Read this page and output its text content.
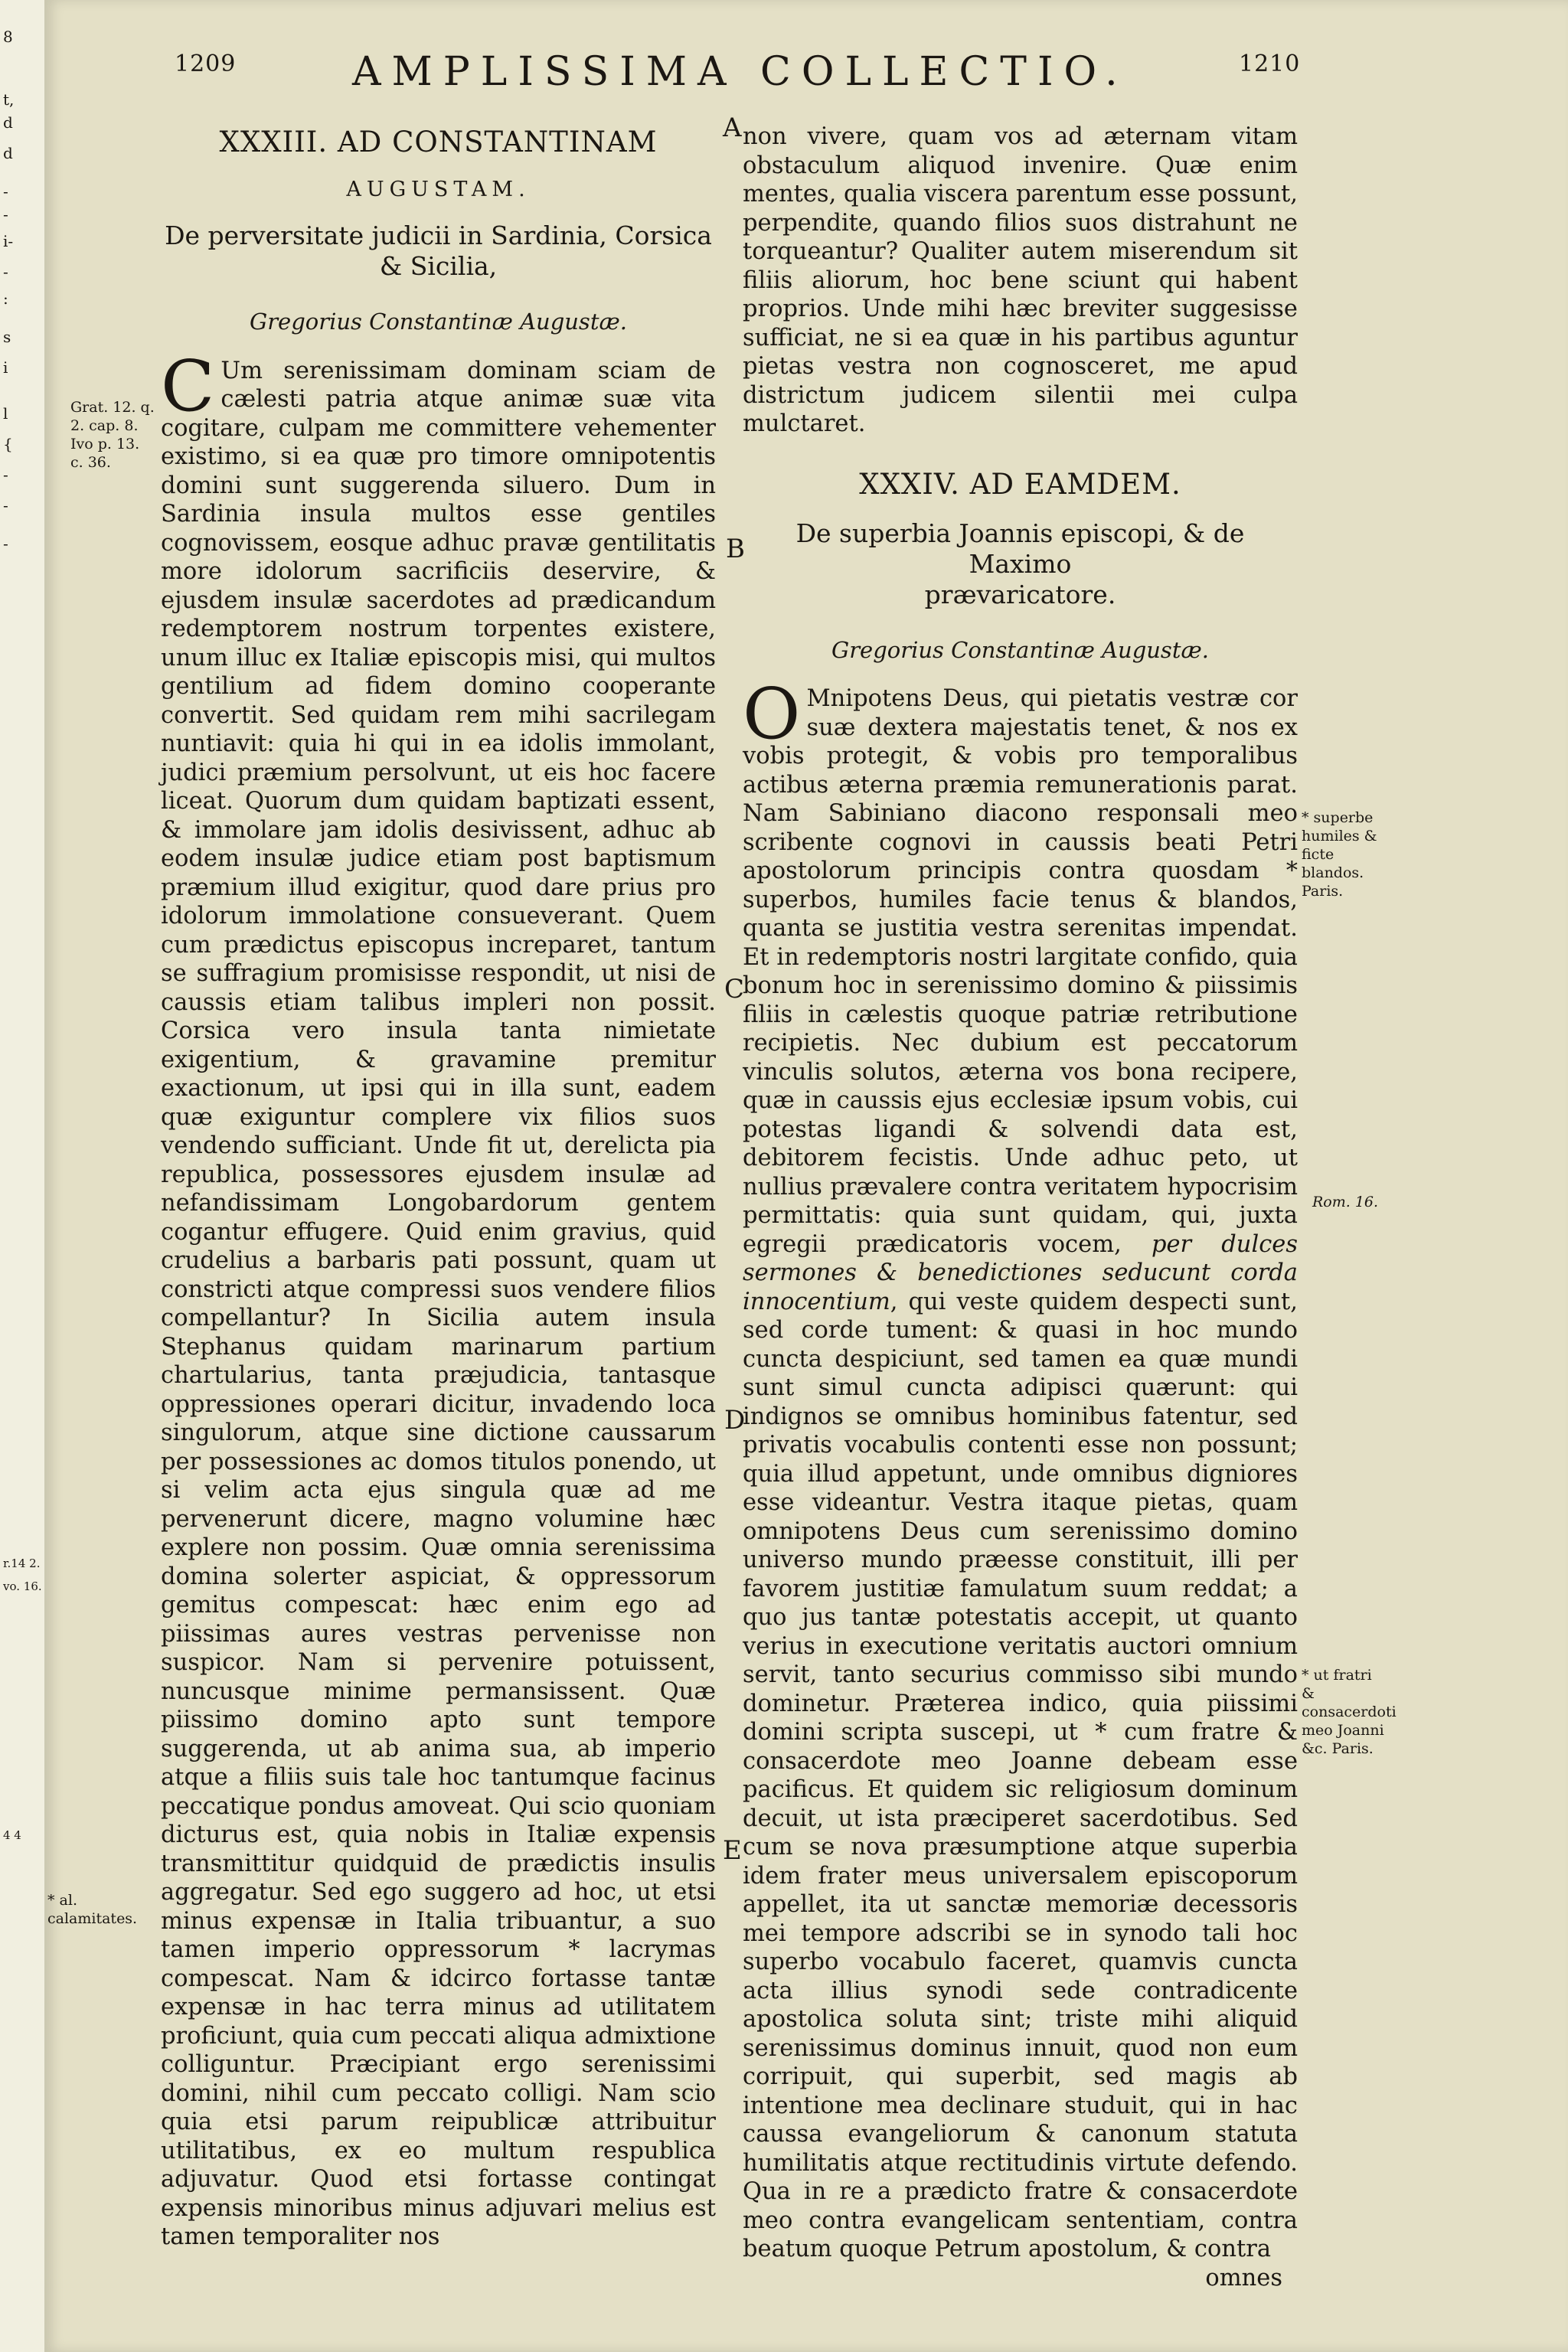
8
t,
d
d
-
-
i-
-
:
s
i
l
{
-
-
-
r.14 2.
vo. 16.
4 4
1209	AMPLISSIMA COLLECTIO.	1210
XXXIII. AD CONSTANTINAM
AUGUSTAM.
De perversitate judicii in Sardinia, Corsica
& Sicilia,
Gregorius Constantinæ Augustæ.

C Um serenissimam dominam sciam de cælesti patria atque animæ suæ vita cogitare, culpam me committere vehementer existimo, si ea quæ pro timore omnipotentis domini sunt suggerenda siluero. Dum in Sardinia insula multos esse gentiles cognovissem, eosque adhuc pravæ gentilitatis more idolorum sacrificiis deservire, & ejusdem insulæ sacerdotes ad prædicandum redemptorem nostrum torpentes existere, unum illuc ex Italiæ episcopis misi, qui multos gentilium ad fidem domino cooperante convertit. Sed quidam rem mihi sacrilegam nuntiavit: quia hi qui in ea idolis immolant, judici præmium persolvunt, ut eis hoc facere liceat. Quorum dum quidam baptizati essent, & immolare jam idolis desivissent, adhuc ab eodem insulæ judice etiam post baptismum præmium illud exigitur, quod dare prius pro idolorum immolatione consueverant. Quem cum prædictus episcopus increparet, tantum se suffragium promisisse respondit, ut nisi de caussis etiam talibus impleri non possit. Corsica vero insula tanta nimietate exigentium, & gravamine premitur exactionum, ut ipsi qui in illa sunt, eadem quæ exiguntur complere vix filios suos vendendo sufficiant. Unde fit ut, derelicta pia republica, possessores ejusdem insulæ ad nefandissimam Longobardorum gentem cogantur effugere. Quid enim gravius, quid crudelius a barbaris pati possunt, quam ut constricti atque compressi suos vendere filios compellantur? In Sicilia autem insula Stephanus quidam marinarum partium chartularius, tanta præjudicia, tantasque oppressiones operari dicitur, invadendo loca singulorum, atque sine dictione caussarum per possessiones ac domos titulos ponendo, ut si velim acta ejus singula quæ ad me pervenerunt dicere, magno volumine hæc explere non possim. Quæ omnia serenissima domina solerter aspiciat, & oppressorum gemitus compescat: hæc enim ego ad piissimas aures vestras pervenisse non suspicor. Nam si pervenire potuissent, nuncusque minime permansissent. Quæ piissimo domino apto sunt tempore suggerenda, ut ab anima sua, ab imperio atque a filiis suis tale hoc tantumque facinus peccatique pondus amoveat. Qui scio quoniam dicturus est, quia nobis in Italiæ expensis transmittitur quidquid de prædictis insulis aggregatur. Sed ego suggero ad hoc, ut etsi minus expensæ in Italia tribuantur, a suo tamen imperio oppressorum * lacrymas compescat. Nam & idcirco fortasse tantæ expensæ in hac terra minus ad utilitatem proficiunt, quia cum peccati aliqua admixtione colliguntur. Præcipiant ergo serenissimi domini, nihil cum peccato colligi. Nam scio quia etsi parum reipublicæ attribuitur utilitatibus, ex eo multum respublica adjuvatur. Quod etsi fortasse contingat expensis minoribus minus adjuvari melius est tamen temporaliter nos

non vivere, quam vos ad æternam vitam obstaculum aliquod invenire. Quæ enim mentes, qualia viscera parentum esse possunt, perpendite, quando filios suos distrahunt ne torqueantur? Qualiter autem miserendum sit filiis aliorum, hoc bene sciunt qui habent proprios. Unde mihi hæc breviter suggesisse sufficiat, ne si ea quæ in his partibus aguntur pietas vestra non cognosceret, me apud districtum judicem silentii mei culpa mulctaret.

XXXIV. AD EAMDEM.
De superbia Joannis episcopi, & de Maximo
prævaricatore.
Gregorius Constantinæ Augustæ.

O Mnipotens Deus, qui pietatis vestræ cor suæ dextera majestatis tenet, & nos ex vobis protegit, & vobis pro temporalibus actibus æterna præmia remunerationis parat. Nam Sabiniano diacono responsali meo scribente cognovi in caussis beati Petri apostolorum principis contra quosdam * superbos, humiles facie tenus & blandos, quanta se justitia vestra serenitas impendat. Et in redemptoris nostri largitate confido, quia bonum hoc in serenissimo domino & piissimis filiis in cælestis quoque patriæ retributione recipietis. Nec dubium est peccatorum vinculis solutos, æterna vos bona recipere, quæ in caussis ejus ecclesiæ ipsum vobis, cui potestas ligandi & solvendi data est, debitorem fecistis. Unde adhuc peto, ut nullius prævalere contra veritatem hypocrisim permittatis: quia sunt quidam, qui, juxta egregii prædicatoris vocem, per dulces sermones & benedictiones seducunt corda innocentium, qui veste quidem despecti sunt, sed corde tument: & quasi in hoc mundo cuncta despiciunt, sed tamen ea quæ mundi sunt simul cuncta adipisci quærunt: qui indignos se omnibus hominibus fatentur, sed privatis vocabulis contenti esse non possunt; quia illud appetunt, unde omnibus digniores esse videantur. Vestra itaque pietas, quam omnipotens Deus cum serenissimo domino universo mundo præesse constituit, illi per favorem justitiæ famulatum suum reddat; a quo jus tantæ potestatis accepit, ut quanto verius in executione veritatis auctori omnium servit, tanto securius commisso sibi mundo dominetur. Præterea indico, quia piissimi domini scripta suscepi, ut * cum fratre & consacerdote meo Joanne debeam esse pacificus. Et quidem sic religiosum dominum decuit, ut ista præciperet sacerdotibus. Sed cum se nova præsumptione atque superbia idem frater meus universalem episcoporum appellet, ita ut sanctæ memoriæ decessoris mei tempore adscribi se in synodo tali hoc superbo vocabulo faceret, quamvis cuncta acta illius synodi sede contradicente apostolica soluta sint; triste mihi aliquid serenissimus dominus innuit, quod non eum corripuit, qui superbit, sed magis ab intentione mea declinare studuit, qui in hac caussa evangeliorum & canonum statuta humilitatis atque rectitudinis virtute defendo. Qua in re a prædicto fratre & consacerdote meo contra evangelicam sententiam, contra beatum quoque Petrum apostolum, & contra

omnes
Grat. 12. q. 2. cap. 8. Ivo p. 13. c. 36.
* al. calamitates.
* superbe humiles & ficte blandos. Paris.
Rom. 16.
* ut fratri & consacerdoti meo Joanni &c. Paris.
A
B
C
D
E
